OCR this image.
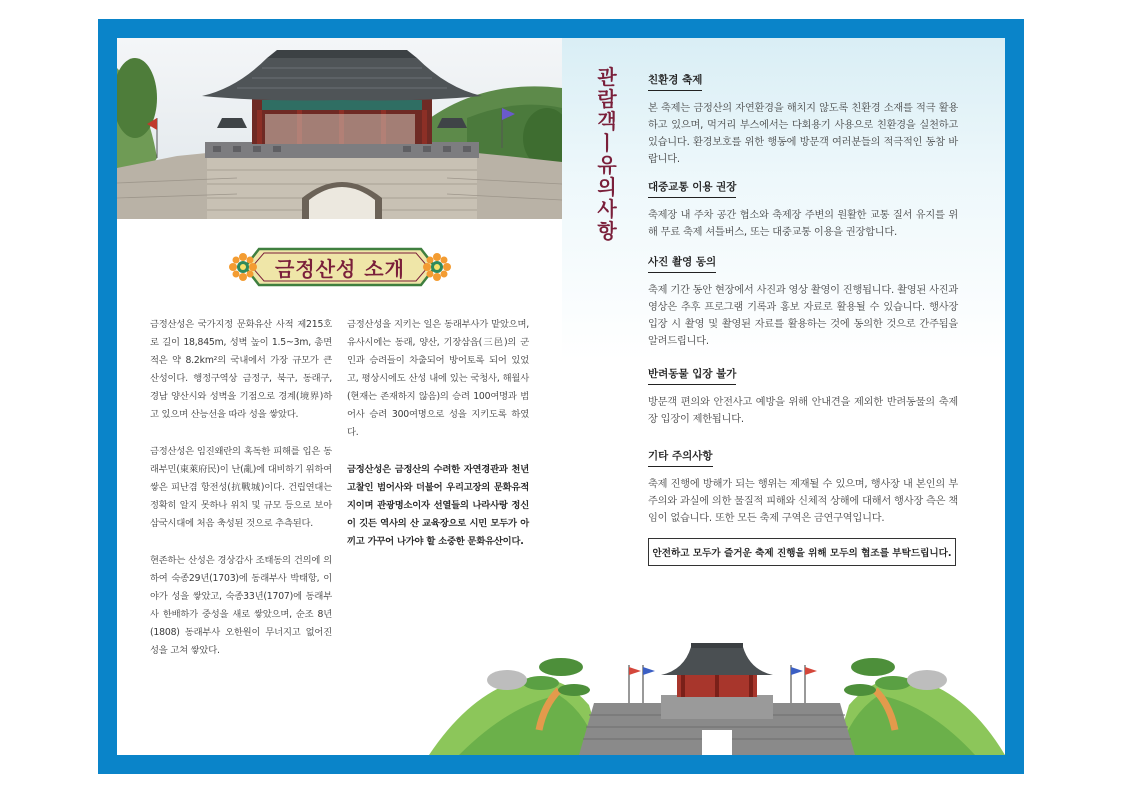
금정산성 소개

금정산성은 국가지정 문화유산 사적 제215호로 길이 18,845m, 성벽 높이 1.5~3m, 총면적은 약 8.2km²의 국내에서 가장 규모가 큰 산성이다. 행정구역상 금정구, 북구, 동래구, 경남 양산시와 성벽을 기점으로 경계(境界)하고 있으며 산능선을 따라 성을 쌓았다.

금정산성은 임진왜란의 혹독한 피해를 입은 동래부민(東萊府民)이 난(亂)에 대비하기 위하여 쌓은 피난겸 항전성(抗戰城)이다. 건립연대는 정확히 알지 못하나 위치 및 규모 등으로 보아 삼국시대에 처음 축성된 것으로 추측된다.

현존하는 산성은 경상감사 조태동의 건의에 의하여 숙종29년(1703)에 동래부사 박태항, 이야가 성을 쌓았고, 숙종33년(1707)에 동래부사 한배하가 중성을 새로 쌓았으며, 순조 8년(1808) 동래부사 오한원이 무너지고 없어진 성을 고쳐 쌓았다.

금정산성을 지키는 일은 동래부사가 맡았으며, 유사시에는 동래, 양산, 기장삼읍(三邑)의 군인과 승려들이 차출되어 방어토록 되어 있었고, 평상시에도 산성 내에 있는 국청사, 해월사(현재는 존재하지 않음)의 승려 100여명과 범어사 승려 300여명으로 성을 지키도록 하였다.

금정산성은 금정산의 수려한 자연경관과 천년고찰인 범어사와 더불어 우리고장의 문화유적지이며 관광명소이자 선열들의 나라사랑 정신이 깃든 역사의 산 교육장으로 시민 모두가 아끼고 가꾸어 나가야 할 소중한 문화유산이다.

관
람
객
ㅣ
유
의
사
항
친환경 축제
본 축제는 금정산의 자연환경을 해치지 않도록 친환경 소재를 적극 활용하고 있으며, 먹거리 부스에서는 다회용기 사용으로 친환경을 실천하고 있습니다. 환경보호를 위한 행동에 방문객 여러분들의 적극적인 동참 바랍니다.
대중교통 이용 권장
축제장 내 주차 공간 협소와 축제장 주변의 원활한 교통 질서 유지를 위해 무료 축제 셔틀버스, 또는 대중교통 이용을 권장합니다.
사진 촬영 동의
축제 기간 동안 현장에서 사진과 영상 촬영이 진행됩니다. 촬영된 사진과 영상은 추후 프로그램 기록과 홍보 자료로 활용될 수 있습니다. 행사장 입장 시 촬영 및 촬영된 자료를 활용하는 것에 동의한 것으로 간주됨을 알려드립니다.
반려동물 입장 불가
방문객 편의와 안전사고 예방을 위해 안내견을 제외한 반려동물의 축제장 입장이 제한됩니다.
기타 주의사항
축제 진행에 방해가 되는 행위는 제재될 수 있으며, 행사장 내 본인의 부주의와 과실에 의한 물질적 피해와 신체적 상해에 대해서 행사장 측은 책임이 없습니다. 또한 모든 축제 구역은 금연구역입니다.
안전하고 모두가 즐거운 축제 진행을 위해 모두의 협조를 부탁드립니다.
